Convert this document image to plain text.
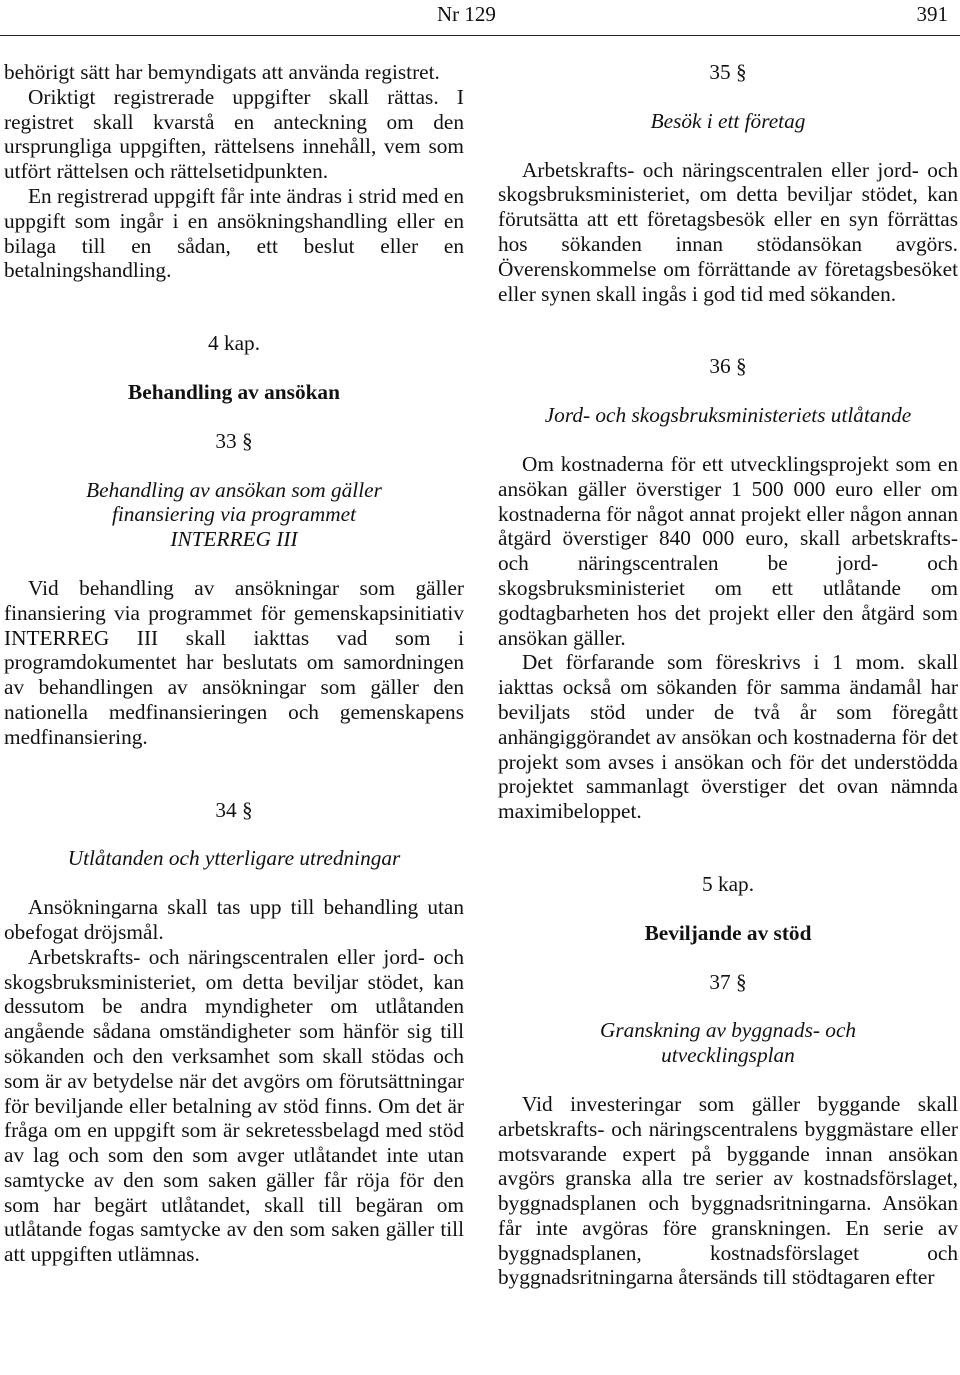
Nr 129	391

behörigt sätt har bemyndigats att använda registret.

Oriktigt registrerade uppgifter skall rättas. I registret skall kvarstå en anteckning om den ursprungliga uppgiften, rättelsens innehåll, vem som utfört rättelsen och rättelsetidpunkten.

En registrerad uppgift får inte ändras i strid med en uppgift som ingår i en ansökningshandling eller en bilaga till en sådan, ett beslut eller en betalningshandling.

4 kap.
Behandling av ansökan
33 §
Behandling av ansökan som gäller
finansiering via programmet
INTERREG III

Vid behandling av ansökningar som gäller finansiering via programmet för gemenskapsinitiativ INTERREG III skall iakttas vad som i programdokumentet har beslutats om samordningen av behandlingen av ansökningar som gäller den nationella medfinansieringen och gemenskapens medfinansiering.

34 §
Utlåtanden och ytterligare utredningar

Ansökningarna skall tas upp till behandling utan obefogat dröjsmål.

Arbetskrafts- och näringscentralen eller jord- och skogsbruksministeriet, om detta beviljar stödet, kan dessutom be andra myndigheter om utlåtanden angående sådana omständigheter som hänför sig till sökanden och den verksamhet som skall stödas och som är av betydelse när det avgörs om förutsättningar för beviljande eller betalning av stöd finns. Om det är fråga om en uppgift som är sekretessbelagd med stöd av lag och som den som avger utlåtandet inte utan samtycke av den som saken gäller får röja för den som har begärt utlåtandet, skall till begäran om utlåtande fogas samtycke av den som saken gäller till att uppgiften utlämnas.

35 §
Besök i ett företag

Arbetskrafts- och näringscentralen eller jord- och skogsbruksministeriet, om detta beviljar stödet, kan förutsätta att ett företagsbesök eller en syn förrättas hos sökanden innan stödansökan avgörs. Överenskommelse om förrättande av företagsbesöket eller synen skall ingås i god tid med sökanden.

36 §
Jord- och skogsbruksministeriets utlåtande

Om kostnaderna för ett utvecklingsprojekt som en ansökan gäller överstiger 1 500 000 euro eller om kostnaderna för något annat projekt eller någon annan åtgärd överstiger 840 000 euro, skall arbetskrafts- och näringscentralen be jord- och skogsbruksministeriet om ett utlåtande om godtagbarheten hos det projekt eller den åtgärd som ansökan gäller.

Det förfarande som föreskrivs i 1 mom. skall iakttas också om sökanden för samma ändamål har beviljats stöd under de två år som föregått anhängiggörandet av ansökan och kostnaderna för det projekt som avses i ansökan och för det understödda projektet sammanlagt överstiger det ovan nämnda maximibeloppet.

5 kap.
Beviljande av stöd
37 §
Granskning av byggnads- och
utvecklingsplan

Vid investeringar som gäller byggande skall arbetskrafts- och näringscentralens byggmästare eller motsvarande expert på byggande innan ansökan avgörs granska alla tre serier av kostnadsförslaget, byggnadsplanen och byggnadsritningarna. Ansökan får inte avgöras före granskningen. En serie av byggnadsplanen, kostnadsförslaget och byggnadsritningarna återsänds till stödtagaren efter
